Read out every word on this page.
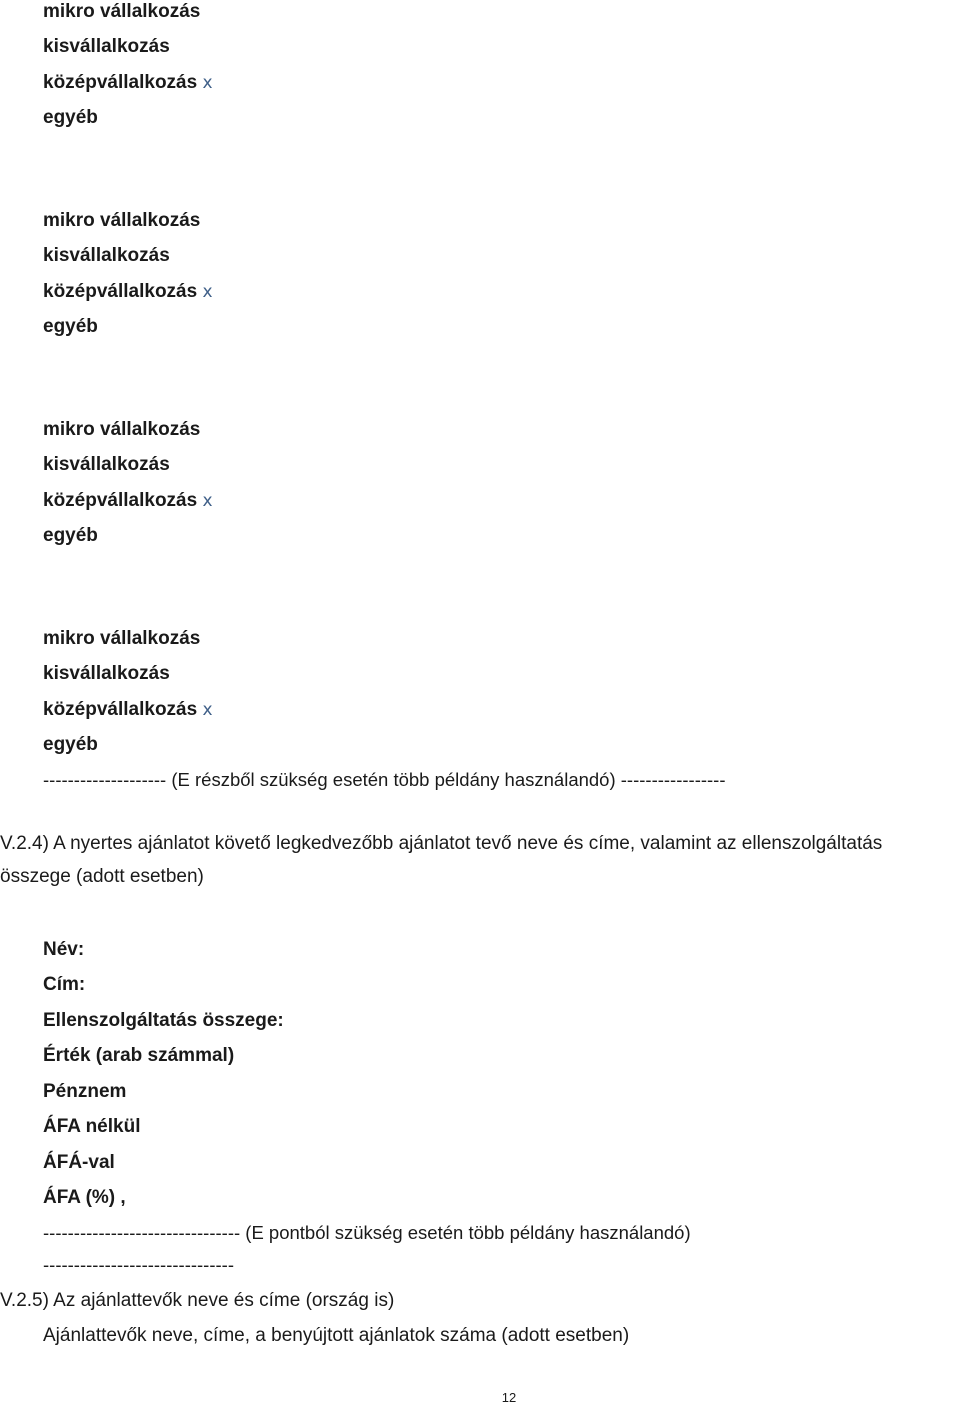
mikro vállalkozás
kisvállalkozás
középvállalkozás x
egyéb
mikro vállalkozás
kisvállalkozás
középvállalkozás x
egyéb
mikro vállalkozás
kisvállalkozás
középvállalkozás x
egyéb
mikro vállalkozás
kisvállalkozás
középvállalkozás x
egyéb
-------------------- (E részből szükség esetén több példány használandó) -----------------
V.2.4) A nyertes ajánlatot követő legkedvezőbb ajánlatot tevő neve és címe, valamint az ellenszolgáltatás
összege (adott esetben)
Név:
Cím:
Ellenszolgáltatás összege:
Érték (arab számmal)
Pénznem
ÁFA nélkül
ÁFÁ-val
ÁFA (%) ,
-------------------------------- (E pontból szükség esetén több példány használandó)
-------------------------------
V.2.5) Az ajánlattevők neve és címe (ország is)
Ajánlattevők neve, címe, a benyújtott ajánlatok száma (adott esetben)
12
